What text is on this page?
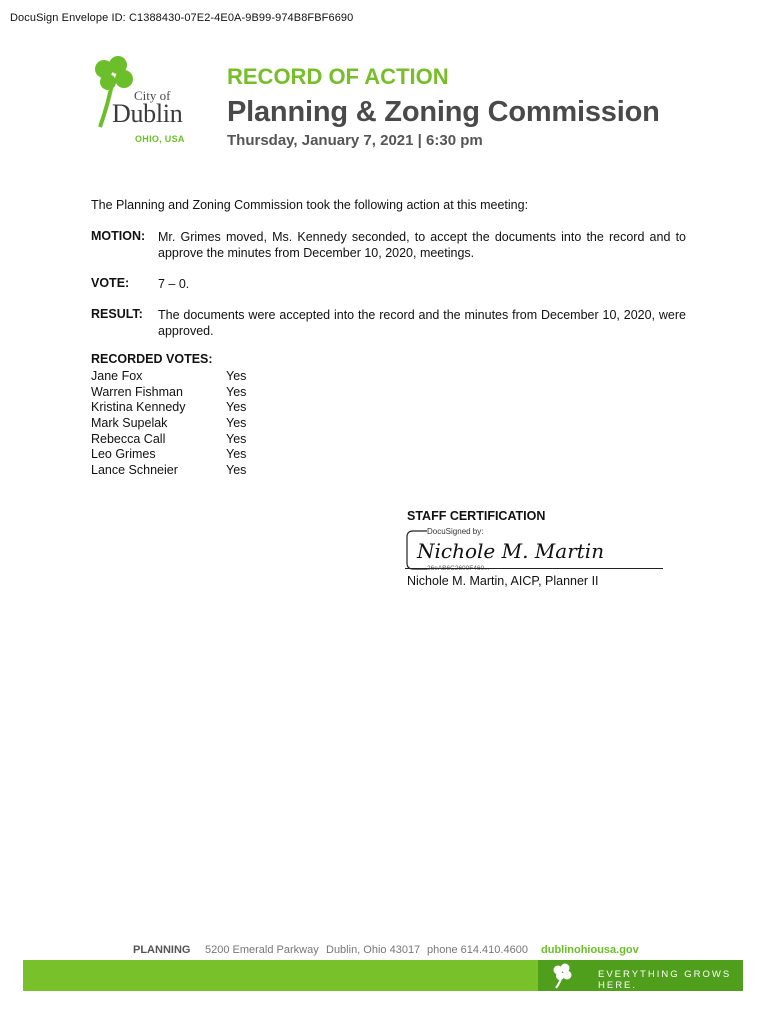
DocuSign Envelope ID: C1388430-07E2-4E0A-9B99-974B8FBF6690
City of
Dublin
OHIO, USA
RECORD OF ACTION
Planning & Zoning Commission
Thursday, January 7, 2021 | 6:30 pm
The Planning and Zoning Commission took the following action at this meeting:
MOTION: Mr. Grimes moved, Ms. Kennedy seconded, to accept the documents into the record and to approve the minutes from December 10, 2020, meetings.
VOTE: 7 – 0.
RESULT: The documents were accepted into the record and the minutes from December 10, 2020, were approved.
RECORDED VOTES:
Jane Fox	Yes
Warren Fishman	Yes
Kristina Kennedy	Yes
Mark Supelak	Yes
Rebecca Call	Yes
Leo Grimes	Yes
Lance Schneier	Yes
STAFF CERTIFICATION
DocuSigned by:
Nichole M. Martin
Nichole M. Martin, AICP, Planner II
PLANNING 5200 Emerald Parkway Dublin, Ohio 43017 phone 614.410.4600 dublinohiousa.gov
EVERYTHING GROWS HERE.
